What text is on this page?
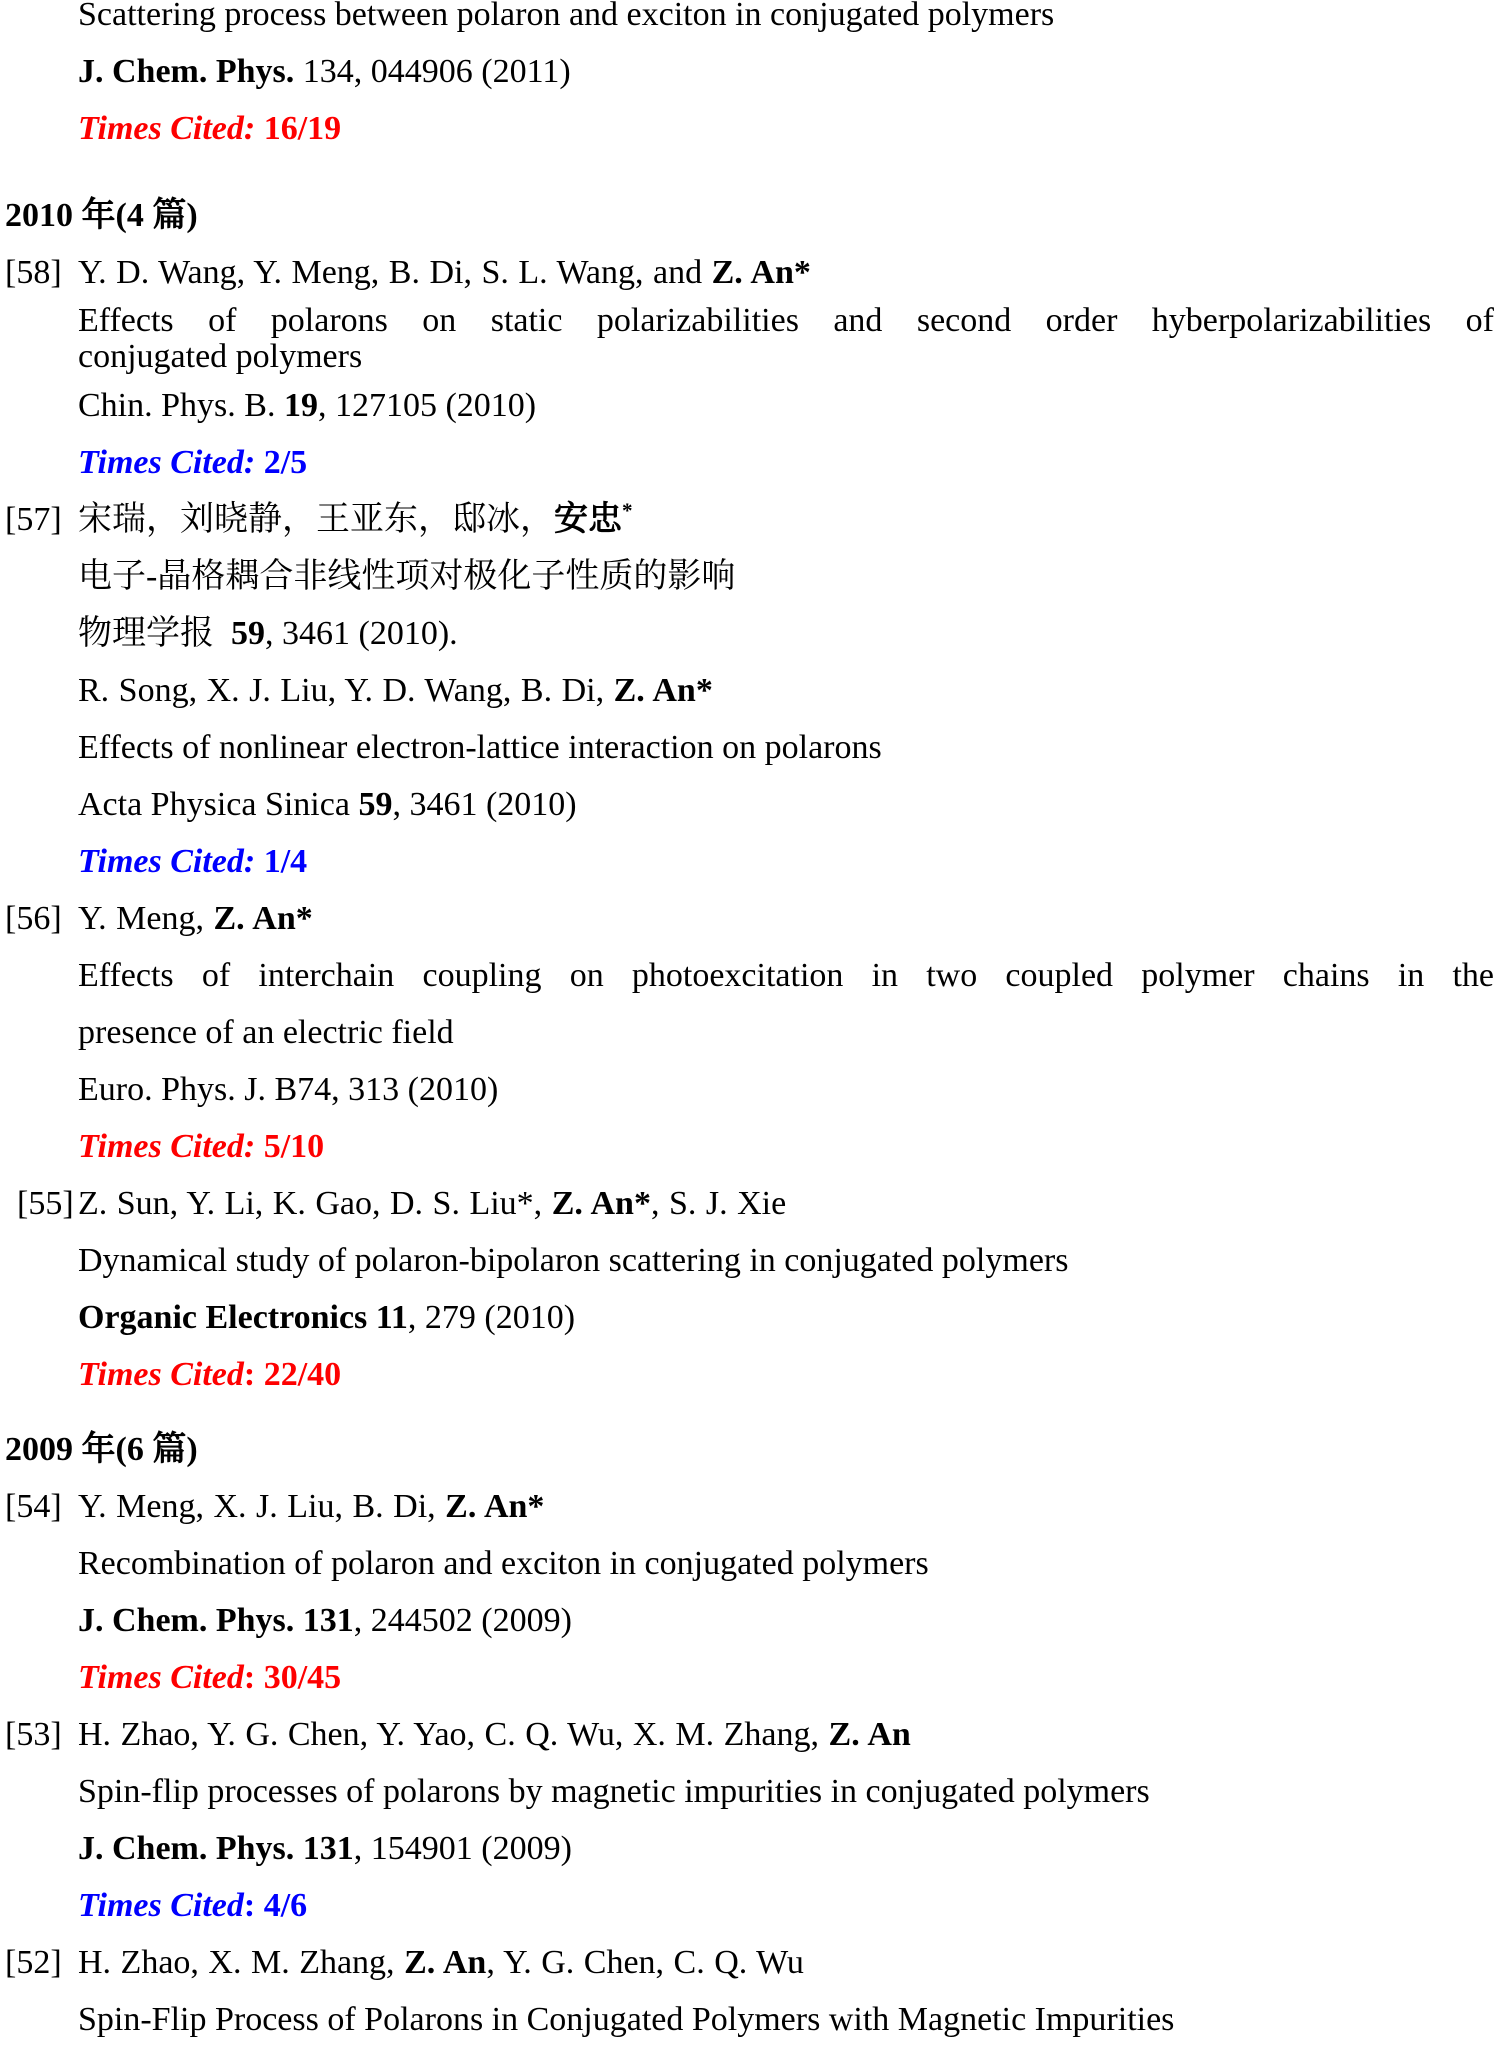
Scattering process between polaron and exciton in conjugated polymers
J. Chem. Phys. 134, 044906 (2011)
Times Cited: 16/19
2010 年(4 篇)
[58] Y. D. Wang, Y. Meng, B. Di, S. L. Wang, and Z. An*
Effects of polarons on static polarizabilities and second order hyberpolarizabilities of
conjugated polymers
Chin. Phys. B. 19, 127105 (2010)
Times Cited: 2/5
[57] 宋瑞，刘晓静，王亚东，邸冰，安忠*
电子-晶格耦合非线性项对极化子性质的影响
物理学报  59, 3461 (2010).
R. Song, X. J. Liu, Y. D. Wang, B. Di, Z. An*
Effects of nonlinear electron-lattice interaction on polarons
Acta Physica Sinica 59, 3461 (2010)
Times Cited: 1/4
[56] Y. Meng, Z. An*
Effects of interchain coupling on photoexcitation in two coupled polymer chains in the
presence of an electric field
Euro. Phys. J. B74, 313 (2010)
Times Cited: 5/10
[55] Z. Sun, Y. Li, K. Gao, D. S. Liu*, Z. An*, S. J. Xie
Dynamical study of polaron-bipolaron scattering in conjugated polymers
Organic Electronics 11, 279 (2010)
Times Cited: 22/40
2009 年(6 篇)
[54] Y. Meng, X. J. Liu, B. Di, Z. An*
Recombination of polaron and exciton in conjugated polymers
J. Chem. Phys. 131, 244502 (2009)
Times Cited: 30/45
[53] H. Zhao, Y. G. Chen, Y. Yao, C. Q. Wu, X. M. Zhang, Z. An
Spin-flip processes of polarons by magnetic impurities in conjugated polymers
J. Chem. Phys. 131, 154901 (2009)
Times Cited: 4/6
[52] H. Zhao, X. M. Zhang, Z. An, Y. G. Chen, C. Q. Wu
Spin-Flip Process of Polarons in Conjugated Polymers with Magnetic Impurities
